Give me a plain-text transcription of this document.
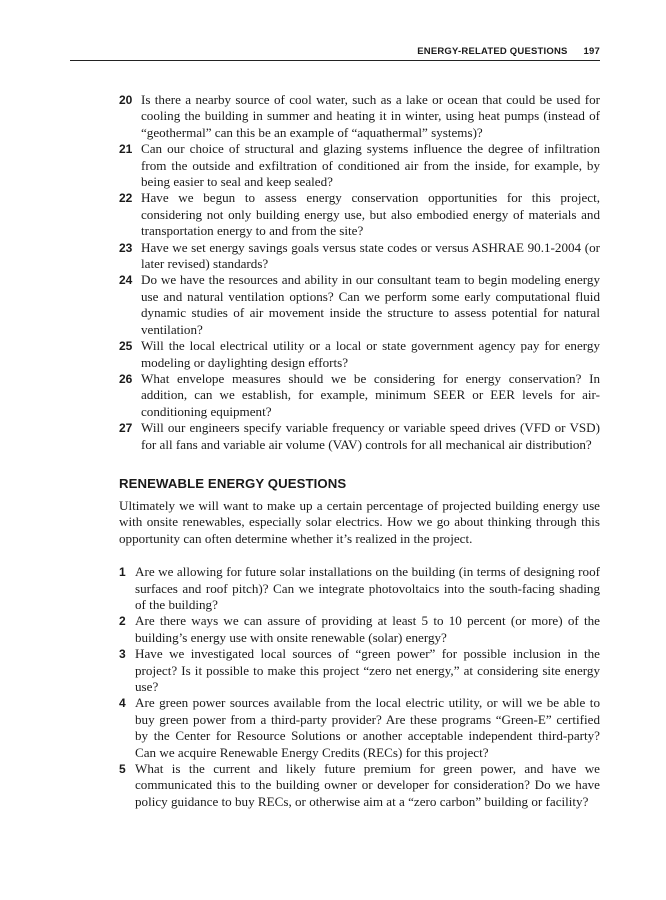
ENERGY-RELATED QUESTIONS 197
20 Is there a nearby source of cool water, such as a lake or ocean that could be used for cooling the building in summer and heating it in winter, using heat pumps (instead of “geothermal” can this be an example of “aquathermal” systems)?
21 Can our choice of structural and glazing systems influence the degree of infiltration from the outside and exfiltration of conditioned air from the inside, for example, by being easier to seal and keep sealed?
22 Have we begun to assess energy conservation opportunities for this project, considering not only building energy use, but also embodied energy of materials and transportation energy to and from the site?
23 Have we set energy savings goals versus state codes or versus ASHRAE 90.1-2004 (or later revised) standards?
24 Do we have the resources and ability in our consultant team to begin modeling energy use and natural ventilation options? Can we perform some early computational fluid dynamic studies of air movement inside the structure to assess potential for natural ventilation?
25 Will the local electrical utility or a local or state government agency pay for energy modeling or daylighting design efforts?
26 What envelope measures should we be considering for energy conservation? In addition, can we establish, for example, minimum SEER or EER levels for air-conditioning equipment?
27 Will our engineers specify variable frequency or variable speed drives (VFD or VSD) for all fans and variable air volume (VAV) controls for all mechanical air distribution?
RENEWABLE ENERGY QUESTIONS

Ultimately we will want to make up a certain percentage of projected building energy use with onsite renewables, especially solar electrics. How we go about thinking through this opportunity can often determine whether it’s realized in the project.

1 Are we allowing for future solar installations on the building (in terms of designing roof surfaces and roof pitch)? Can we integrate photovoltaics into the south-facing shading of the building?
2 Are there ways we can assure of providing at least 5 to 10 percent (or more) of the building’s energy use with onsite renewable (solar) energy?
3 Have we investigated local sources of “green power” for possible inclusion in the project? Is it possible to make this project “zero net energy,” at considering site energy use?
4 Are green power sources available from the local electric utility, or will we be able to buy green power from a third-party provider? Are these programs “Green-E” certified by the Center for Resource Solutions or another acceptable independent third-party? Can we acquire Renewable Energy Credits (RECs) for this project?
5 What is the current and likely future premium for green power, and have we communicated this to the building owner or developer for consideration? Do we have policy guidance to buy RECs, or otherwise aim at a “zero carbon” building or facility?
